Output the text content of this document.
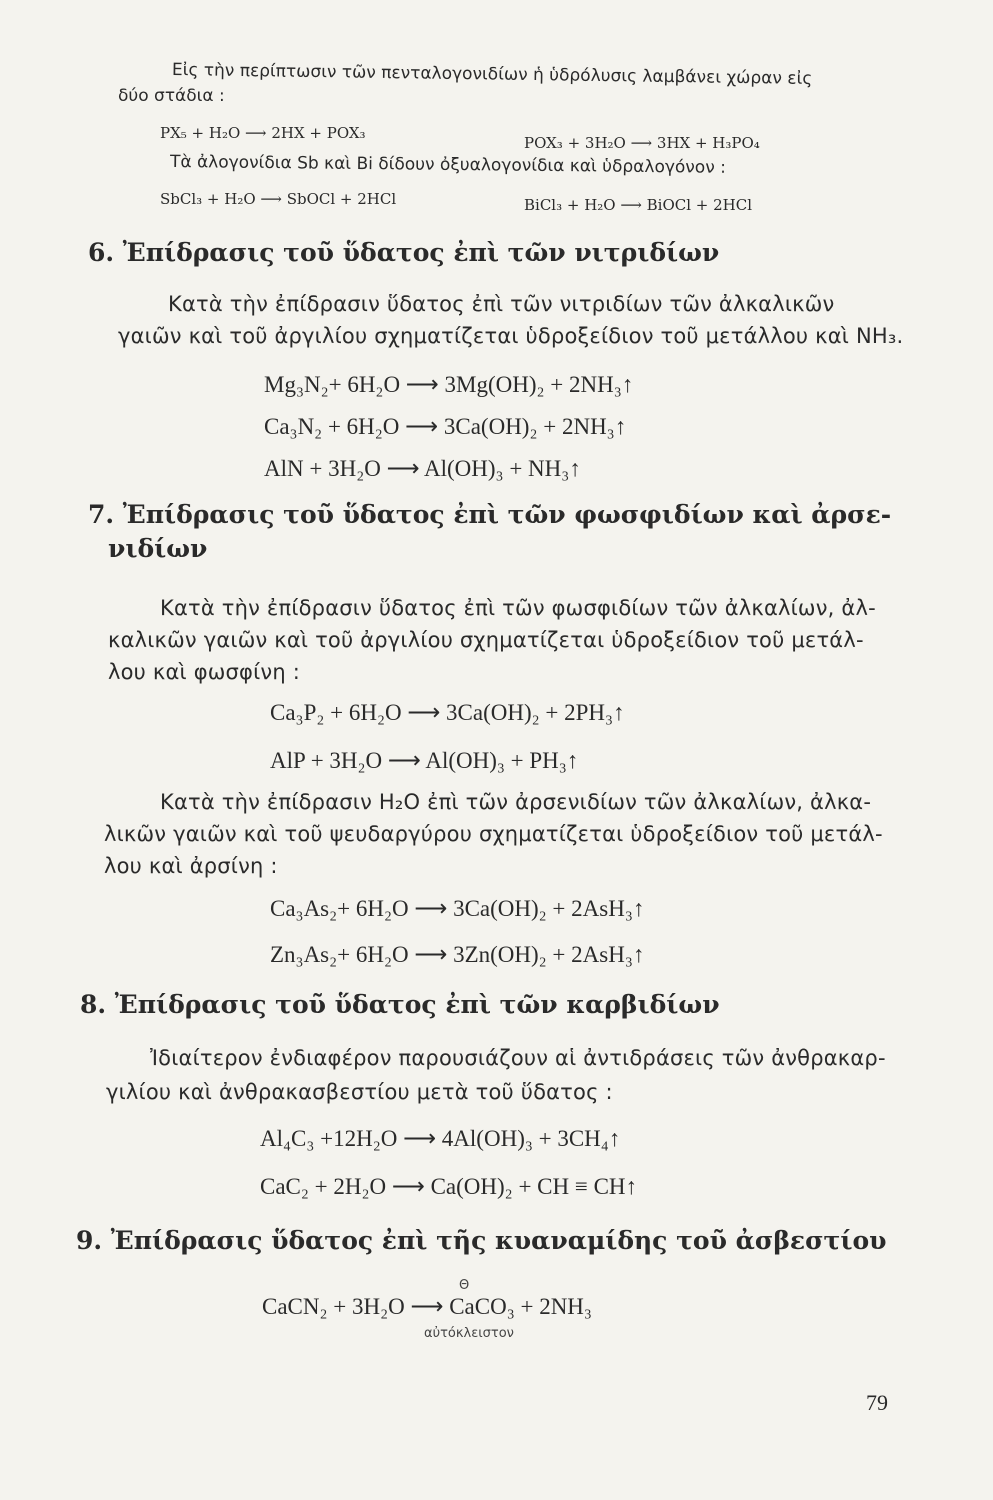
Εἰς τὴν περίπτωσιν τῶν πενταλογονιδίων ἡ ὑδρόλυσις λαμβάνει χώραν εἰς
δύο στάδια :
PX₅ + H₂O ⟶ 2HX + POX₃
POX₃ + 3H₂O ⟶ 3HX + H₃PO₄
Τὰ ἀλογονίδια Sb καὶ Bi δίδουν ὀξυαλογονίδια καὶ ὑδραλογόνον :
SbCl₃ + H₂O ⟶ SbOCl + 2HCl	BiCl₃ + H₂O ⟶ BiOCl + 2HCl
6. Ἐπίδρασις τοῦ ὕδατος ἐπὶ τῶν νιτριδίων
Κατὰ τὴν ἐπίδρασιν ὕδατος ἐπὶ τῶν νιτριδίων τῶν ἀλκαλικῶν
γαιῶν καὶ τοῦ ἀργιλίου σχηματίζεται ὑδροξείδιον τοῦ μετάλλου καὶ NH₃.
Mg₃N₂+ 6H₂O ⟶ 3Mg(OH)₂ + 2NH₃↑
Ca₃N₂ + 6H₂O ⟶ 3Ca(OH)₂ + 2NH₃↑
AlN + 3H₂O ⟶ Al(OH)₃ + NH₃↑
7. Ἐπίδρασις τοῦ ὕδατος ἐπὶ τῶν φωσφιδίων καὶ ἀρσε-
νιδίων
Κατὰ τὴν ἐπίδρασιν ὕδατος ἐπὶ τῶν φωσφιδίων τῶν ἀλκαλίων, ἀλ-
καλικῶν γαιῶν καὶ τοῦ ἀργιλίου σχηματίζεται ὑδροξείδιον τοῦ μετάλ-
λου καὶ φωσφίνη :
Ca₃P₂ + 6H₂O ⟶ 3Ca(OH)₂ + 2PH₃↑
AlP + 3H₂O ⟶ Al(OH)₃ + PH₃↑
Κατὰ τὴν ἐπίδρασιν H₂O ἐπὶ τῶν ἀρσενιδίων τῶν ἀλκαλίων, ἀλκα-
λικῶν γαιῶν καὶ τοῦ ψευδαργύρου σχηματίζεται ὑδροξείδιον τοῦ μετάλ-
λου καὶ ἀρσίνη :
Ca₃As₂+ 6H₂O ⟶ 3Ca(OH)₂ + 2AsH₃↑
Zn₃As₂+ 6H₂O ⟶ 3Zn(OH)₂ + 2AsH₃↑
8. Ἐπίδρασις τοῦ ὕδατος ἐπὶ τῶν καρβιδίων
Ἰδιαίτερον ἐνδιαφέρον παρουσιάζουν αἱ ἀντιδράσεις τῶν ἀνθρακαρ-
γιλίου καὶ ἀνθρακασβεστίου μετὰ τοῦ ὕδατος :
Al₄C₃ +12H₂O ⟶ 4Al(OH)₃ + 3CH₄↑
CaC₂ + 2H₂O ⟶ Ca(OH)₂ + CH ≡ CH↑
9. Ἐπίδρασις ὕδατος ἐπὶ τῆς κυαναμίδης τοῦ ἀσβεστίου
Θ
CaCN₂ + 3H₂O ⟶ CaCO₃ + 2NH₃
αὐτόκλειστον
79
